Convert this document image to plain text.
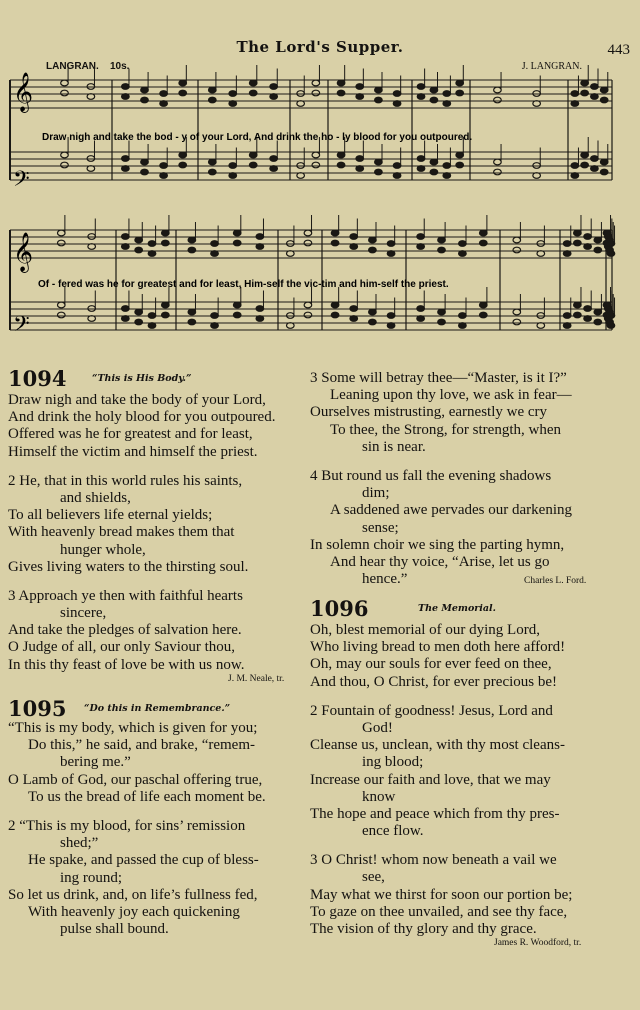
The Lord's Supper.	443
LANGRAN. 10s.	J. LANGRAN.
Draw nigh and take the bod - y of your Lord, And drink the ho - ly blood for you outpoured.
Of - fered was he for greatest and for least, Him-self the vic-tim and him-self the priest.
𝄞
𝄢
𝄞
𝄢
1094	“This is His Body.”
Draw nigh and take the body of your Lord,
And drink the holy blood for you outpoured.
Offered was he for greatest and for least,
Himself the victim and himself the priest.
2 He, that in this world rules his saints,
and shields,
To all believers life eternal yields;
With heavenly bread makes them that
hunger whole,
Gives living waters to the thirsting soul.
3 Approach ye then with faithful hearts
sincere,
And take the pledges of salvation here.
O Judge of all, our only Saviour thou,
In this thy feast of love be with us now.
J. M. Neale, tr.
1095 “Do this in Remembrance.”
“This is my body, which is given for you;
Do this,” he said, and brake, “remem-
bering me.”
O Lamb of God, our paschal offering true,
To us the bread of life each moment be.
2 “This is my blood, for sins’ remission
shed;”
He spake, and passed the cup of bless-
ing round;
So let us drink, and, on life’s fullness fed,
With heavenly joy each quickening
pulse shall bound.
3 Some will betray thee—“Master, is it I?”
Leaning upon thy love, we ask in fear—
Ourselves mistrusting, earnestly we cry
To thee, the Strong, for strength, when
sin is near.
4 But round us fall the evening shadows
dim;
A saddened awe pervades our darkening
sense;
In solemn choir we sing the parting hymn,
And hear thy voice, “Arise, let us go
hence.”	Charles L. Ford.
1096	The Memorial.
Oh, blest memorial of our dying Lord,
Who living bread to men doth here afford!
Oh, may our souls for ever feed on thee,
And thou, O Christ, for ever precious be!
2 Fountain of goodness! Jesus, Lord and
God!
Cleanse us, unclean, with thy most cleans-
ing blood;
Increase our faith and love, that we may
know
The hope and peace which from thy pres-
ence flow.
3 O Christ! whom now beneath a vail we
see,
May what we thirst for soon our portion be;
To gaze on thee unvailed, and see thy face,
The vision of thy glory and thy grace.
James R. Woodford, tr.
